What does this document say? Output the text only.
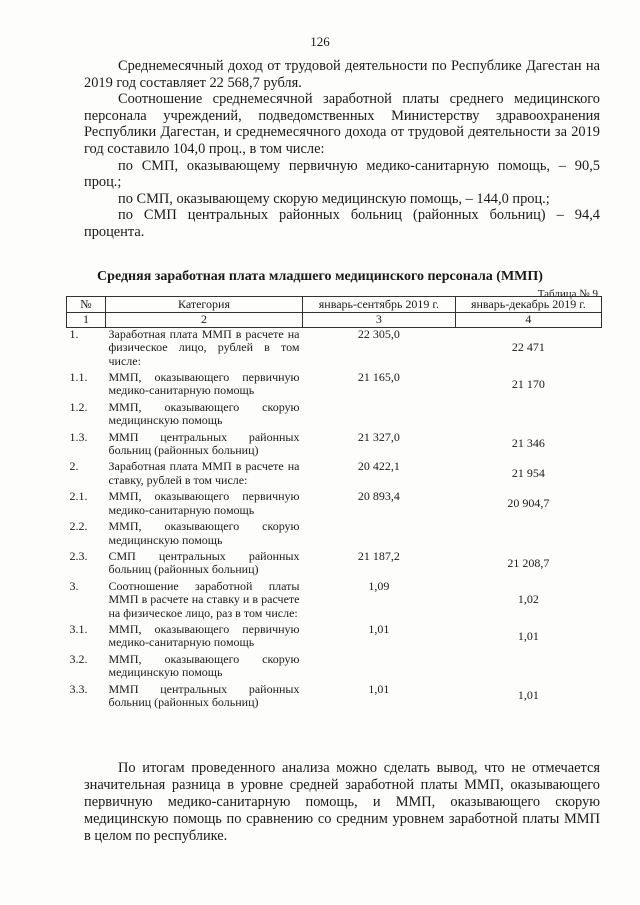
126

Среднемесячный доход от трудовой деятельности по Республике Дагестан на 2019 год составляет 22 568,7 рубля.

Соотношение среднемесячной заработной платы среднего медицинского персонала учреждений, подведомственных Министерству здравоохранения Республики Дагестан, и среднемесячного дохода от трудовой деятельности за 2019 год составило 104,0 проц., в том числе:

по СМП, оказывающему первичную медико-санитарную помощь, – 90,5 проц.;

по СМП, оказывающему скорую медицинскую помощь, – 144,0 проц.;

по СМП центральных районных больниц (районных больниц) – 94,4 процента.

Средняя заработная плата младшего медицинского персонала (ММП)
Таблица № 9
№	Категория	январь-сентябрь 2019 г.	январь-декабрь 2019 г.
1	2	3	4
1.	Заработная плата ММП в расчете на физическое лицо, рублей в том числе:	22 305,0	22 471
1.1.	ММП, оказывающего первичную медико-санитарную помощь	21 165,0	21 170
1.2.	ММП, оказывающего скорую медицинскую помощь		
1.3.	ММП центральных районных больниц (районных больниц)	21 327,0	21 346
2.	Заработная плата ММП в расчете на ставку, рублей в том числе:	20 422,1	21 954
2.1.	ММП, оказывающего первичную медико-санитарную помощь	20 893,4	20 904,7
2.2.	ММП, оказывающего скорую медицинскую помощь		
2.3.	СМП центральных районных больниц (районных больниц)	21 187,2	21 208,7
3.	Соотношение заработной платы ММП в расчете на ставку и в расчете на физическое лицо, раз в том числе:	1,09	1,02
3.1.	ММП, оказывающего первичную медико-санитарную помощь	1,01	1,01
3.2.	ММП, оказывающего скорую медицинскую помощь		
3.3.	ММП центральных районных больниц (районных больниц)	1,01	1,01

По итогам проведенного анализа можно сделать вывод, что не отмечается значительная разница в уровне средней заработной платы ММП, оказывающего первичную медико-санитарную помощь, и ММП, оказывающего скорую медицинскую помощь по сравнению со средним уровнем заработной платы ММП в целом по республике.
